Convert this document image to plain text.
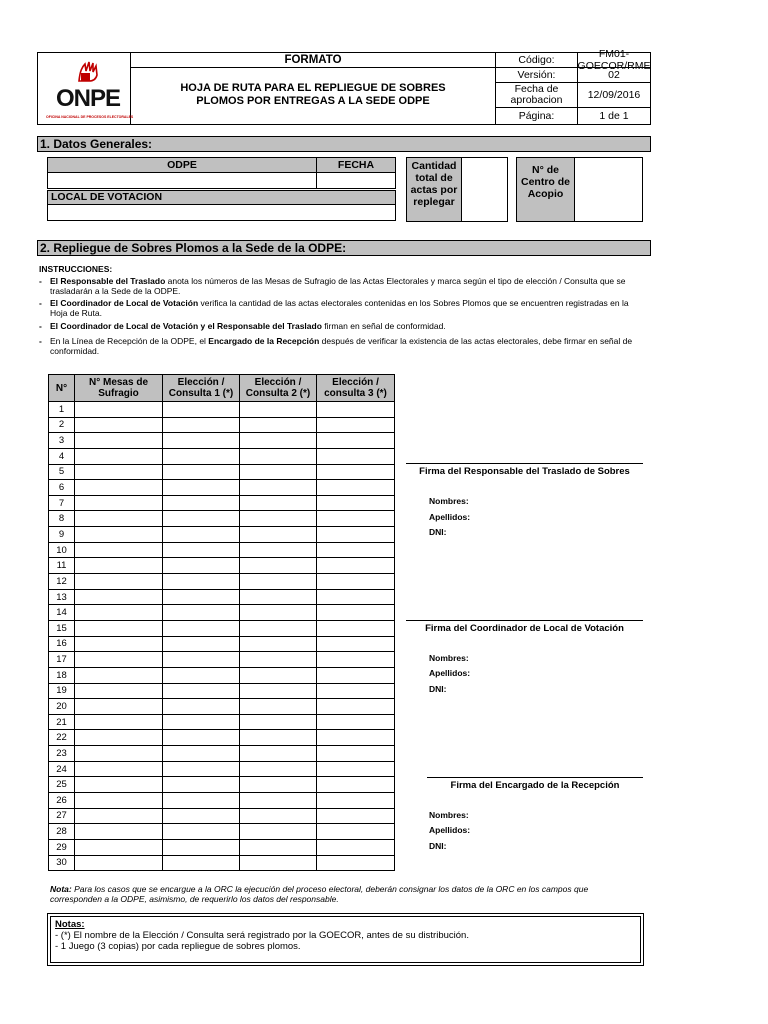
ONPE
OFICINA NACIONAL DE PROCESOS ELECTORALES
FORMATO
HOJA DE RUTA PARA EL REPLIEGUE DE SOBRES
PLOMOS POR ENTREGAS A LA SEDE ODPE
Código:	FM01-GOECOR/RME
Versión:	02
Fecha de aprobacion	12/09/2016
Página:	1 de 1
1. Datos Generales:
ODPE	FECHA
LOCAL DE VOTACION
Cantidad total de actas por replegar
N° de Centro de Acopio
2. Repliegue de Sobres Plomos a la Sede de la ODPE:
INSTRUCCIONES:
- El Responsable del Traslado anota los números de las Mesas de Sufragio de las Actas Electorales y marca según el tipo de elección / Consulta que se trasladarán a la Sede de la ODPE.
- El Coordinador de Local de Votación verifica la cantidad de las actas electorales contenidas en los Sobres Plomos que se encuentren registradas en la Hoja de Ruta.
- El Coordinador de Local de Votación y el Responsable del Traslado firman en señal de conformidad.
- En la Línea de Recepción de la ODPE, el Encargado de la Recepción después de verificar la existencia de las actas electorales, debe firmar en señal de conformidad.
N°	N° Mesas de Sufragio	Elección / Consulta 1 (*)	Elección / Consulta 2 (*)	Elección / consulta 3 (*)
1				
2				
3				
4				
5				
6				
7				
8				
9				
10				
11				
12				
13				
14				
15				
16				
17				
18				
19				
20				
21				
22				
23				
24				
25				
26				
27				
28				
29				
30				
Firma del Responsable del Traslado de Sobres
Nombres:
Apellidos:
DNI:
Firma del Coordinador de Local de Votación
Nombres:
Apellidos:
DNI:
Firma del Encargado de la Recepción
Nombres:
Apellidos:
DNI:
Nota: Para los casos que se encargue a la ORC la ejecución del proceso electoral, deberán consignar los datos de la ORC en los campos que corresponden a la ODPE, asimismo, de requerirlo los datos del responsable.
Notas:
- (*) El nombre de la Elección / Consulta será registrado por la GOECOR, antes de su distribución.
- 1 Juego (3 copias) por cada repliegue de sobres plomos.
